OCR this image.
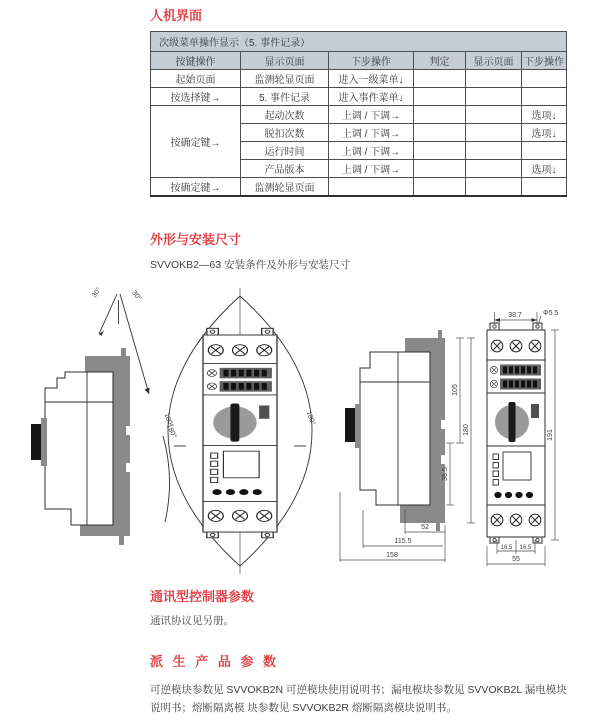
人机界面
次级菜单操作显示（5. 事件记录）					
按键操作	显示页面	下步操作	判定	显示页面	下步操作
起始页面	监测轮显页面	进入一级菜单↓			
按选择键→	5. 事件记录	进入事件菜单↓			
按确定键→	起动次数	上调 / 下调→			选项↓
	脱扣次数	上调 / 下调→			选项↓
	运行时间	上调 / 下调→			
	产品版本	上调 / 下调→			选项↓
按确定键→	监测轮显页面				
外形与安装尺寸
SVVOKB2—63 安装条件及外形与安装尺寸
30°	30°
180°
180°	180°
35.5
105
180
52
115.5
158
38.7	Φ5.5
191
16.5 16.5
55
通讯型控制器参数
通讯协议见另册。
派 生 产 品 参 数
可逆模块参数见 SVVOKB2N 可逆模块使用说明书；漏电模块参数见 SVVOKB2L 漏电模块说明书；熔断隔离模 块参数见 SVVOKB2R 熔断隔离模块说明书。
